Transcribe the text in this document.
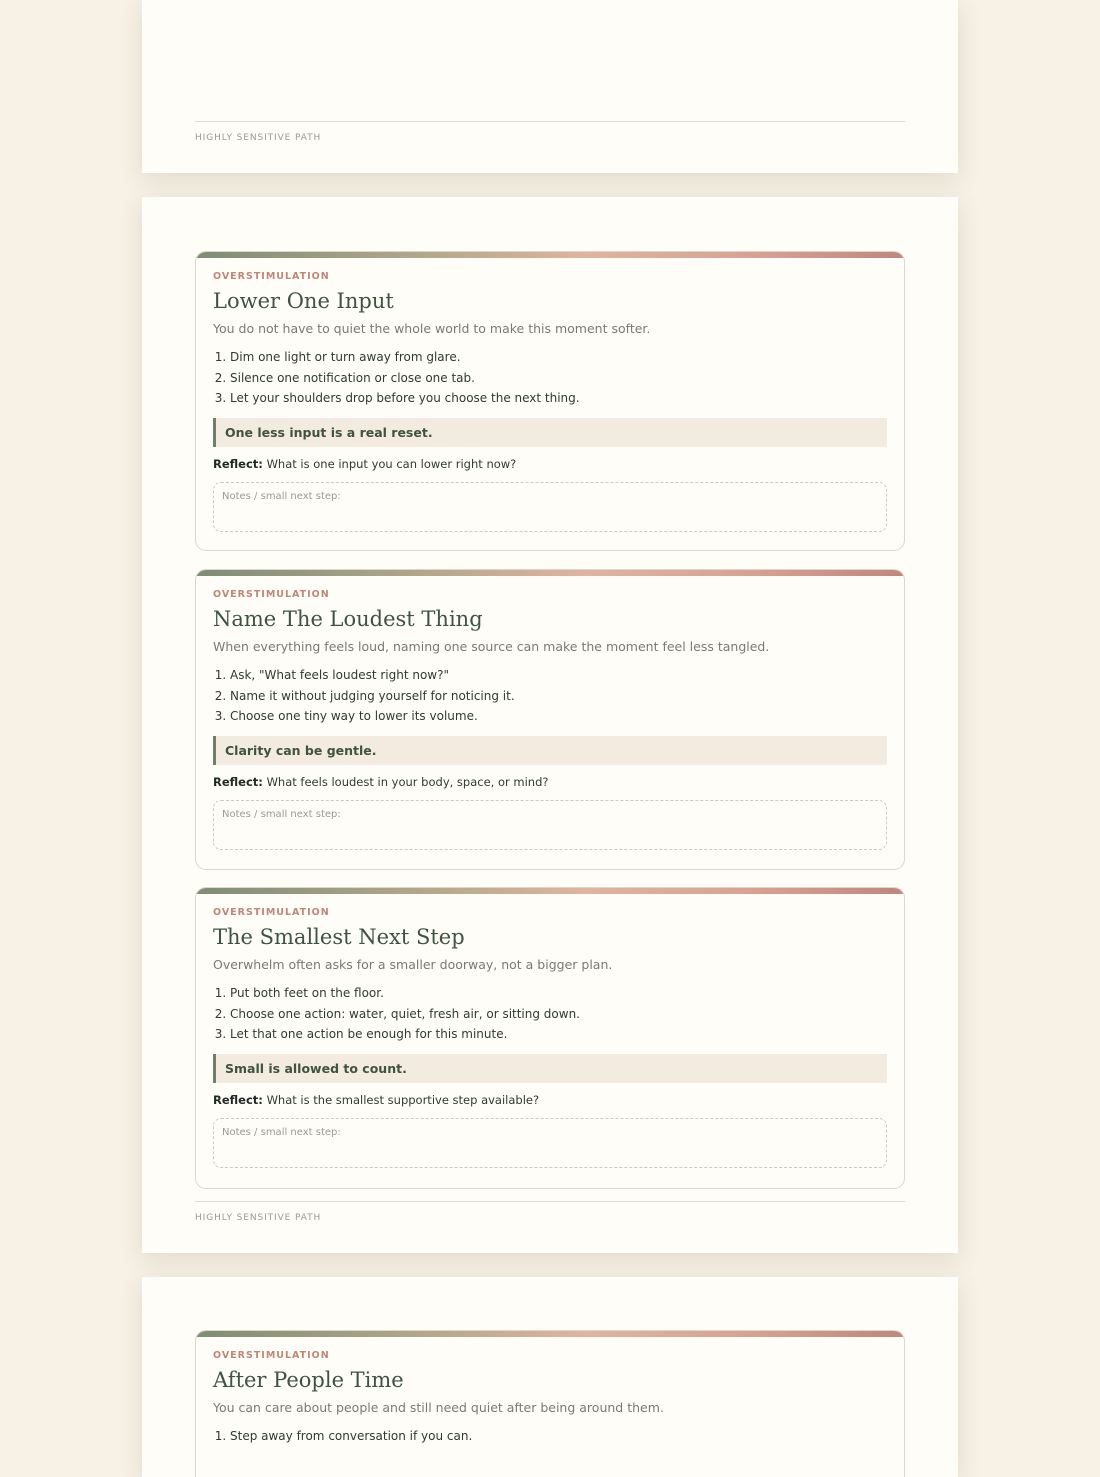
HIGHLY SENSITIVE PATH

OVERSTIMULATION

Lower One Input

You do not have to quiet the whole world to make this moment softer.

1. Dim one light or turn away from glare.
2. Silence one notification or close one tab.
3. Let your shoulders drop before you choose the next thing.
One less input is a real reset.
Reflect: What is one input you can lower right now?
Notes / small next step:

OVERSTIMULATION

Name The Loudest Thing

When everything feels loud, naming one source can make the moment feel less tangled.

1. Ask, "What feels loudest right now?"
2. Name it without judging yourself for noticing it.
3. Choose one tiny way to lower its volume.
Clarity can be gentle.
Reflect: What feels loudest in your body, space, or mind?
Notes / small next step:

OVERSTIMULATION

The Smallest Next Step

Overwhelm often asks for a smaller doorway, not a bigger plan.

1. Put both feet on the floor.
2. Choose one action: water, quiet, fresh air, or sitting down.
3. Let that one action be enough for this minute.
Small is allowed to count.
Reflect: What is the smallest supportive step available?
Notes / small next step:
HIGHLY SENSITIVE PATH

OVERSTIMULATION

After People Time

You can care about people and still need quiet after being around them.

1. Step away from conversation if you can.
